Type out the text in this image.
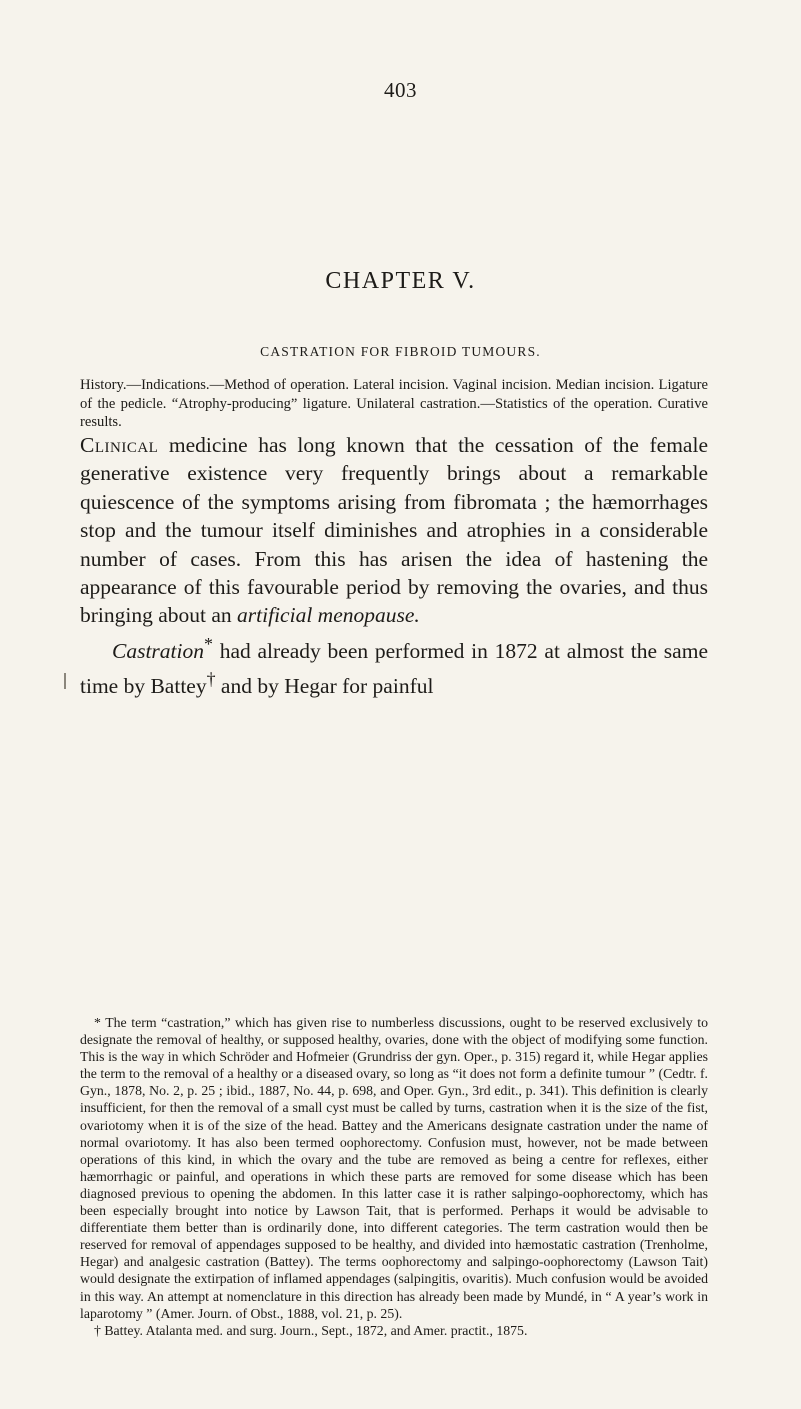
403
CHAPTER V.
CASTRATION FOR FIBROID TUMOURS.

History.—Indications.—Method of operation. Lateral incision. Vaginal incision. Median incision. Ligature of the pedicle. “Atrophy-producing” ligature. Unilateral castration.—Statistics of the operation. Curative results.

Clinical medicine has long known that the cessation of the female generative existence very frequently brings about a remarkable quiescence of the symptoms arising from fibromata ; the hæmorrhages stop and the tumour itself diminishes and atrophies in a considerable number of cases. From this has arisen the idea of hastening the appearance of this favourable period by removing the ovaries, and thus bringing about an artificial menopause.

Castration* had already been performed in 1872 at almost the same time by Battey† and by Hegar for painful

* The term “castration,” which has given rise to numberless discussions, ought to be reserved exclusively to designate the removal of healthy, or supposed healthy, ovaries, done with the object of modifying some function. This is the way in which Schröder and Hofmeier (Grundriss der gyn. Oper., p. 315) regard it, while Hegar applies the term to the removal of a healthy or a diseased ovary, so long as “it does not form a definite tumour ” (Cedtr. f. Gyn., 1878, No. 2, p. 25 ; ibid., 1887, No. 44, p. 698, and Oper. Gyn., 3rd edit., p. 341). This definition is clearly insufficient, for then the removal of a small cyst must be called by turns, castration when it is the size of the fist, ovariotomy when it is of the size of the head. Battey and the Americans designate castration under the name of normal ovariotomy. It has also been termed oophorectomy. Confusion must, however, not be made between operations of this kind, in which the ovary and the tube are removed as being a centre for reflexes, either hæmorrhagic or painful, and operations in which these parts are removed for some disease which has been diagnosed previous to opening the abdomen. In this latter case it is rather salpingo-oophorectomy, which has been especially brought into notice by Lawson Tait, that is performed. Perhaps it would be advisable to differentiate them better than is ordinarily done, into different categories. The term castration would then be reserved for removal of appendages supposed to be healthy, and divided into hæmostatic castration (Trenholme, Hegar) and analgesic castration (Battey). The terms oophorectomy and salpingo-oophorectomy (Lawson Tait) would designate the extirpation of inflamed appendages (salpingitis, ovaritis). Much confusion would be avoided in this way. An attempt at nomenclature in this direction has already been made by Mundé, in “ A year’s work in laparotomy ” (Amer. Journ. of Obst., 1888, vol. 21, p. 25).

† Battey. Atalanta med. and surg. Journ., Sept., 1872, and Amer. practit., 1875.
